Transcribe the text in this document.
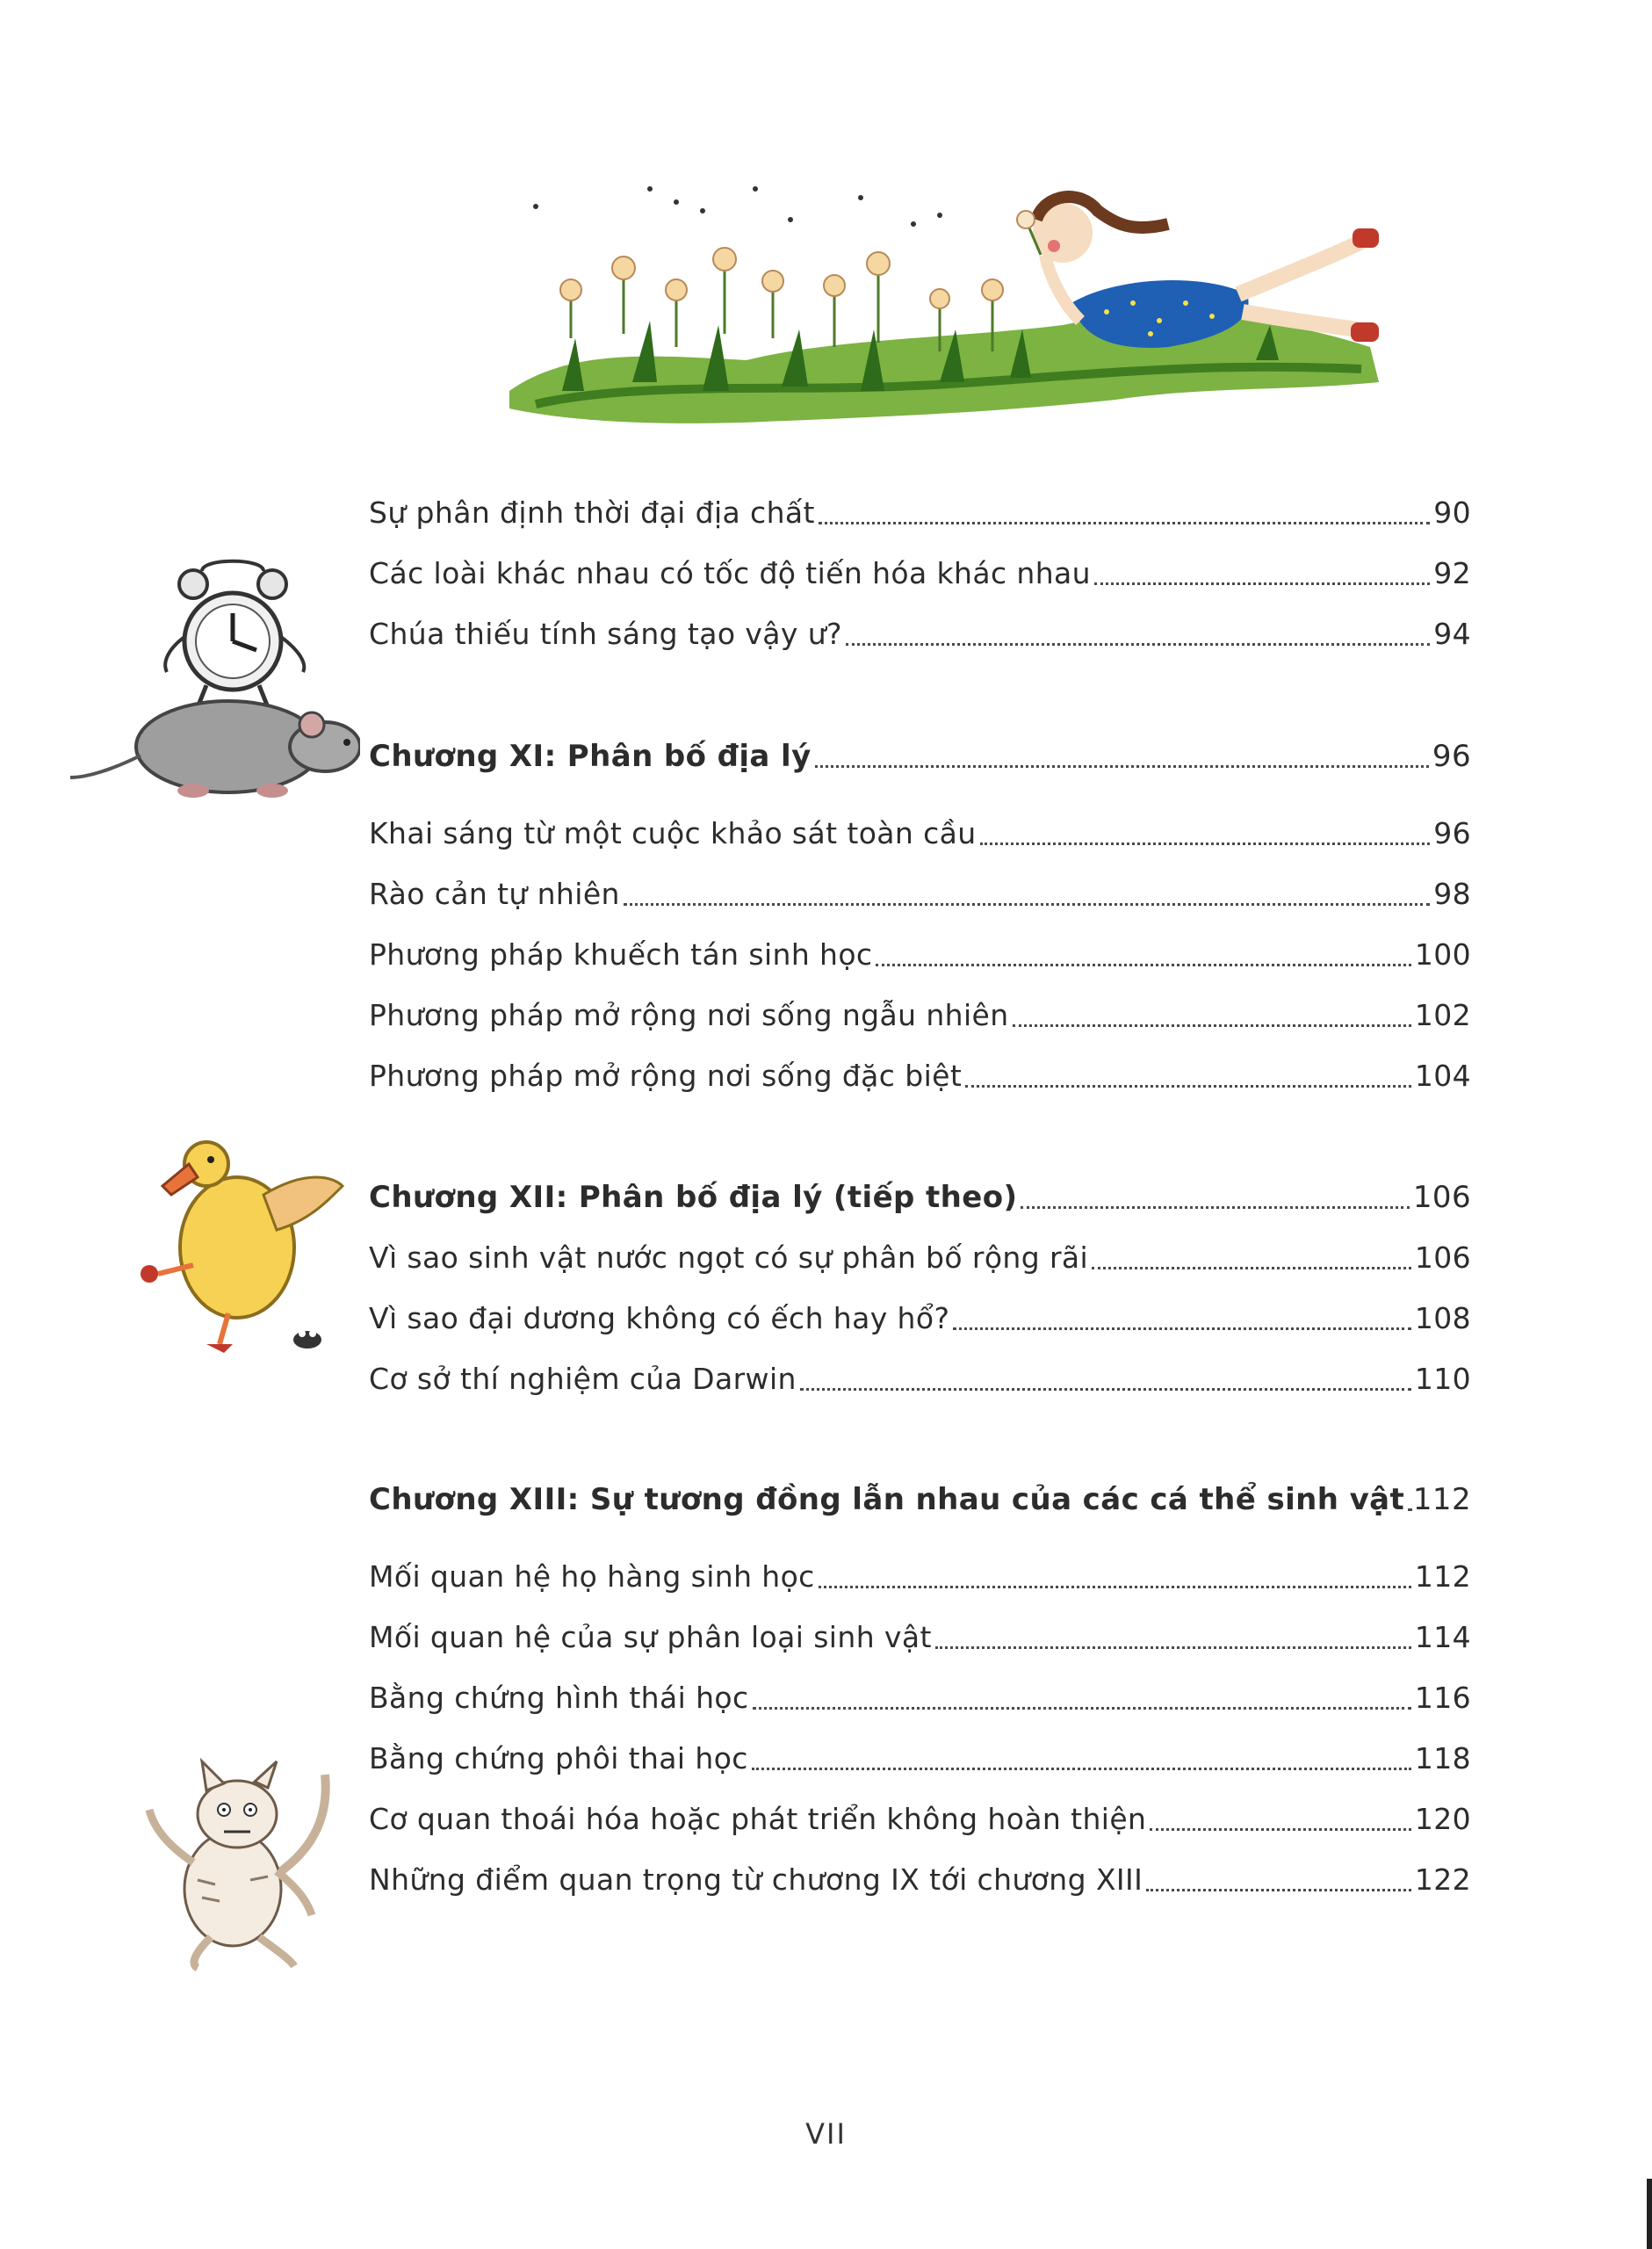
Sự phân định thời đại địa chất	90
Các loài khác nhau có tốc độ tiến hóa khác nhau	92
Chúa thiếu tính sáng tạo vậy ư?	94
Chương XI: Phân bố địa lý	96
Khai sáng từ một cuộc khảo sát toàn cầu	96
Rào cản tự nhiên	98
Phương pháp khuếch tán sinh học	100
Phương pháp mở rộng nơi sống ngẫu nhiên	102
Phương pháp mở rộng nơi sống đặc biệt	104
Chương XII: Phân bố địa lý (tiếp theo)	106
Vì sao sinh vật nước ngọt có sự phân bố rộng rãi	106
Vì sao đại dương không có ếch hay hổ?	108
Cơ sở thí nghiệm của Darwin	110
Chương XIII: Sự tương đồng lẫn nhau của các cá thể sinh vật 112
Mối quan hệ họ hàng sinh học	112
Mối quan hệ của sự phân loại sinh vật	114
Bằng chứng hình thái học	116
Bằng chứng phôi thai học	118
Cơ quan thoái hóa hoặc phát triển không hoàn thiện	120
Những điểm quan trọng từ chương IX tới chương XIII	122
VII
